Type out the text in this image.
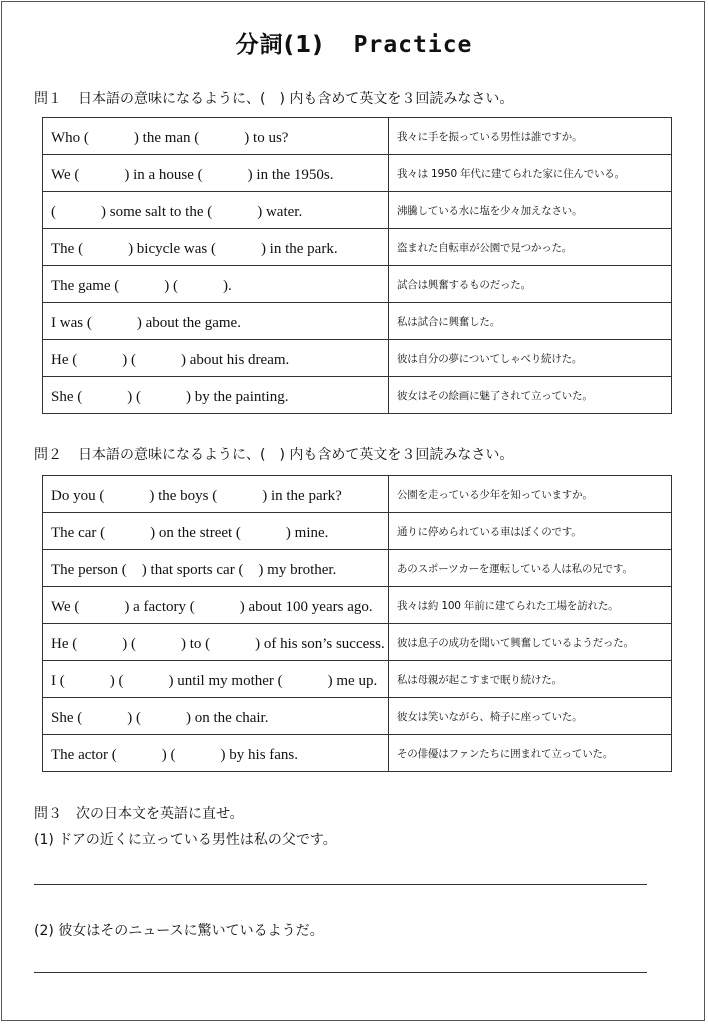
分詞(1) Practice
問１ 日本語の意味になるように、(　) 内も含めて英文を３回読みなさい。
Who (　　　) the man (　　　) to us?	我々に手を振っている男性は誰ですか。
We (　　　) in a house (　　　) in the 1950s.	我々は 1950 年代に建てられた家に住んでいる。
(　　　) some salt to the (　　　) water.	沸騰している水に塩を少々加えなさい。
The (　　　) bicycle was (　　　) in the park.	盗まれた自転車が公園で見つかった。
The game (　　　) (　　　).	試合は興奮するものだった。
I was (　　　) about the game.	私は試合に興奮した。
He (　　　) (　　　) about his dream.	彼は自分の夢についてしゃべり続けた。
She (　　　) (　　　) by the painting.	彼女はその絵画に魅了されて立っていた。
問２ 日本語の意味になるように、(　) 内も含めて英文を３回読みなさい。
Do you (　　　) the boys (　　　) in the park?	公園を走っている少年を知っていますか。
The car (　　　) on the street (　　　) mine.	通りに停められている車はぼくのです。
The person (　) that sports car (　) my brother.	あのスポーツカーを運転している人は私の兄です。
We (　　　) a factory (　　　) about 100 years ago.	我々は約 100 年前に建てられた工場を訪れた。
He (　　　) (　　　) to (　　　) of his son’s success.	彼は息子の成功を聞いて興奮しているようだった。
I (　　　) (　　　) until my mother (　　　) me up.	私は母親が起こすまで眠り続けた。
She (　　　) (　　　) on the chair.	彼女は笑いながら、椅子に座っていた。
The actor (　　　) (　　　) by his fans.	その俳優はファンたちに囲まれて立っていた。
問３　次の日本文を英語に直せ。
(1) ドアの近くに立っている男性は私の父です。
(2) 彼女はそのニュースに驚いているようだ。
